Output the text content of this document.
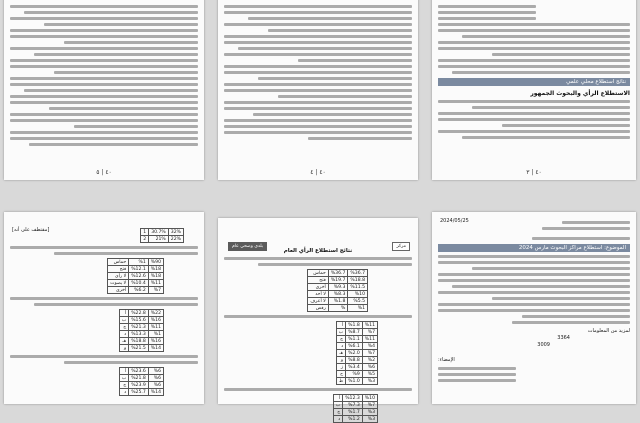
٤٠ | ٥	٤٠ | ٤
نتائج استطلاع محلي علمي
الاستطلاع الرأي والبحوث الجمهور
٤٠ | ٣
[مقتطف على أنه]	32%	30.7%	1
22%	21%	2
%90	%1	حماس
%18	%12.1	فتح
%18	%12.6	لا رأي
%11	%10.4	لا يصوت
%7	%6.2	أخرى
%22	%22.8	أ
%16	%15.6	ب
%11	%21.3	ج
%1	%13.3	د
%16	%18.8	هـ
%14	%21.5	و
%6	%23.6	أ
%6	%21.8	ب
%6	%23.9	ج
%14	%25.7	د
بلدي وصحي عام	مركز
نتائج استطلاع الرأي العام
%36.7	%36.7	حماس
%18.8	%19.7	فتح
%11.5	%9.3	أخرى
%10	%8.3	لا أحد
%5.5	%1.8	لا أعرف
%1	%	رفض
%11	%1.8	أ
%7	%8.7	ب
%11	%1.1	ج
%4	%6.1	د
%7	%2.0	هـ
%2	%8.8	و
%6	%3.4	ز
%5	%9	ح
%3	%1.0	ط
%10	%12.3	أ
%7	%7.3	ب
%3	%1.7	ج
%3	%1.2	د
2024/05/25
الموضوع: استطلاع مراكز البحوث مارس 2024
لمزيد من المعلومات
3364
3009
الإمضاء:
